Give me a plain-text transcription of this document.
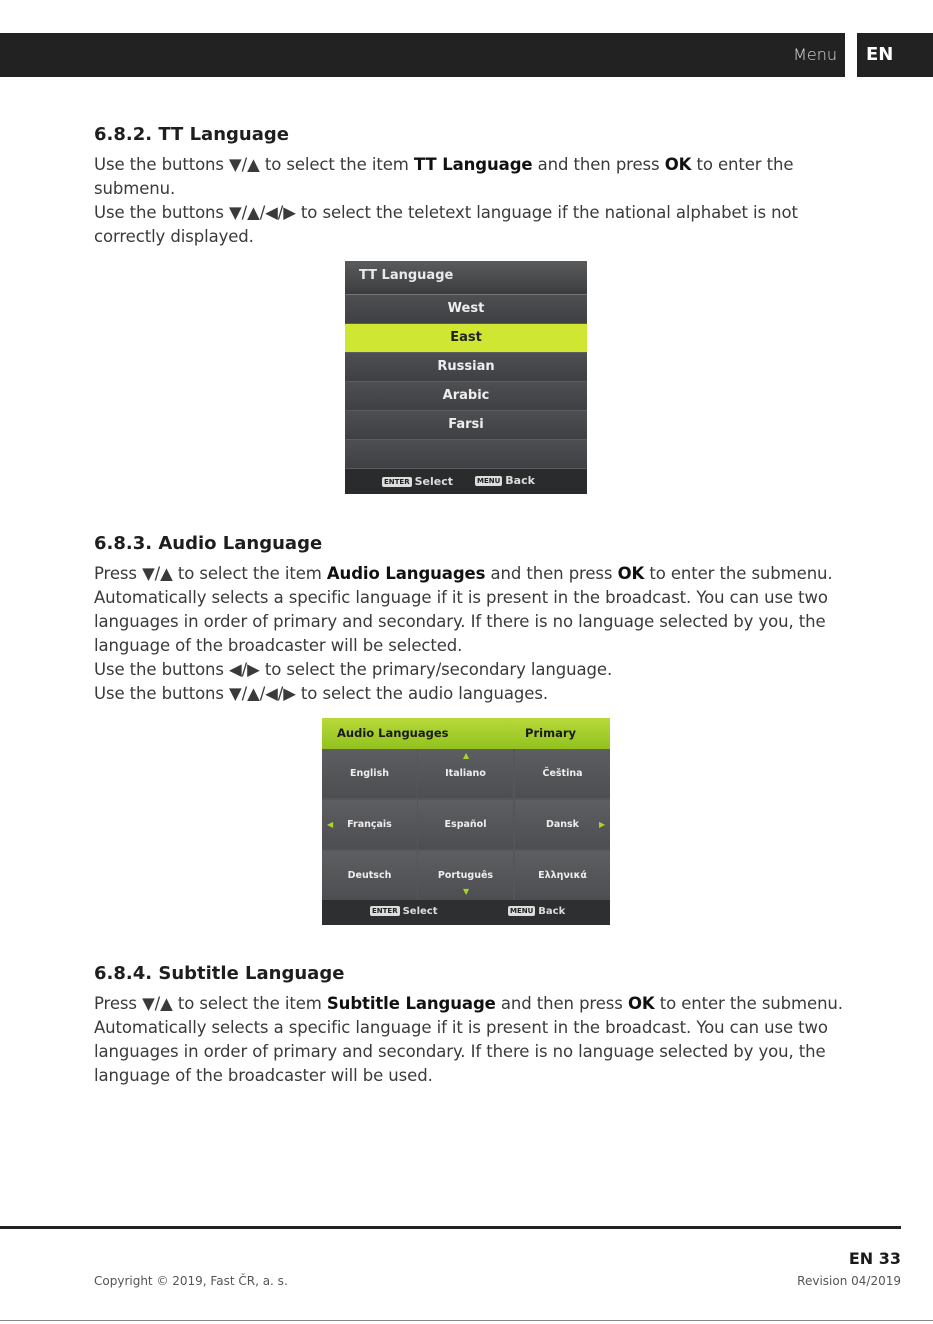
Menu	EN
6.8.2. TT Language

Use the buttons ▼/▲ to select the item TT Language and then press OK to enter the submenu.

Use the buttons ▼/▲/◀/▶ to select the teletext language if the national alphabet is not correctly displayed.

TT Language
West
East
Russian
Arabic
Farsi
ENTER Select	MENU Back
6.8.3. Audio Language

Press ▼/▲ to select the item Audio Languages and then press OK to enter the submenu.

Automatically selects a specific language if it is present in the broadcast. You can use two languages in order of primary and secondary. If there is no language selected by you, the language of the broadcaster will be selected.

Use the buttons ◀/▶ to select the primary/secondary language.

Use the buttons ▼/▲/◀/▶ to select the audio languages.

Audio Languages	Primary
English	Italiano	Čeština
Français	Español	Dansk
Deutsch	Português	Ελληνικά
▲
▼
◀	▶
ENTER Select	MENU Back
6.8.4. Subtitle Language

Press ▼/▲ to select the item Subtitle Language and then press OK to enter the submenu.

Automatically selects a specific language if it is present in the broadcast. You can use two languages in order of primary and secondary. If there is no language selected by you, the language of the broadcaster will be used.

EN 33
Copyright © 2019, Fast ČR, a. s.	Revision 04/2019
